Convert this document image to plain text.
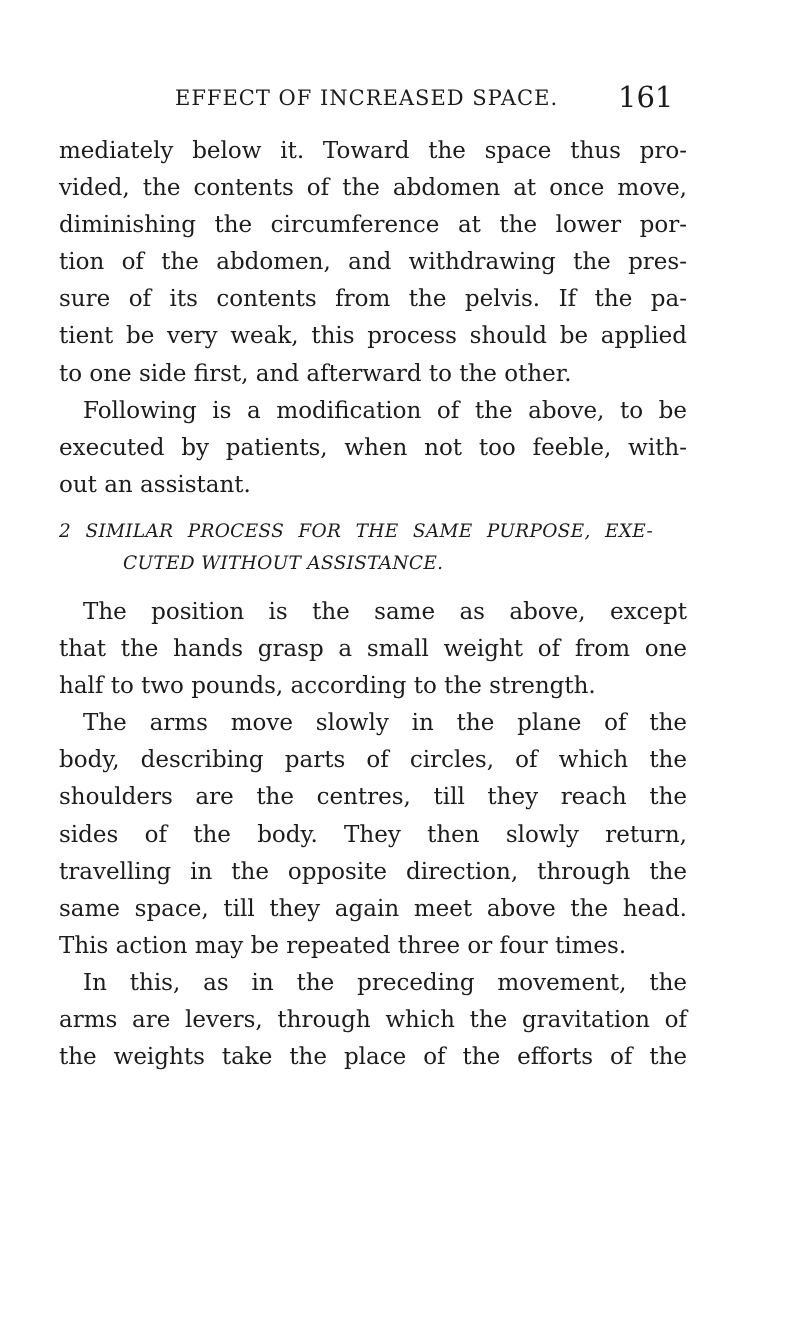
EFFECT OF INCREASED SPACE. 161
mediately below it. Toward the space thus pro-
vided, the contents of the abdomen at once move,
diminishing the circumference at the lower por-
tion of the abdomen, and withdrawing the pres-
sure of its contents from the pelvis. If the pa-
tient be very weak, this process should be applied
to one side first, and afterward to the other.
Following is a modification of the above, to be
executed by patients, when not too feeble, with-
out an assistant.
2 SIMILAR PROCESS FOR THE SAME PURPOSE, EXE-
CUTED WITHOUT ASSISTANCE.
The position is the same as above, except
that the hands grasp a small weight of from one
half to two pounds, according to the strength.
The arms move slowly in the plane of the
body, describing parts of circles, of which the
shoulders are the centres, till they reach the
sides of the body. They then slowly return,
travelling in the opposite direction, through the
same space, till they again meet above the head.
This action may be repeated three or four times.
In this, as in the preceding movement, the
arms are levers, through which the gravitation of
the weights take the place of the efforts of the
